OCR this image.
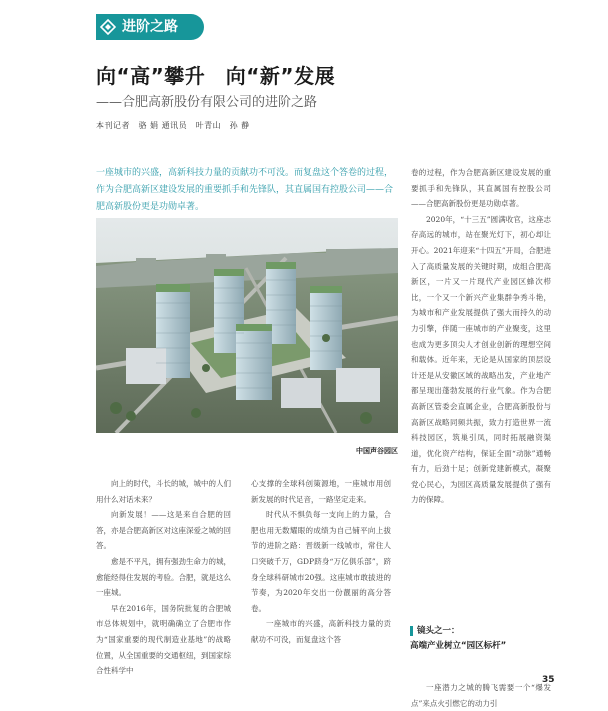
进阶之路
向“高”攀升　向“新”发展
——合肥高新股份有限公司的进阶之路
本刊记者　骆 娟 通讯员　叶青山　孙 静
一座城市的兴盛，高新科技力量的贡献功不可没。而复盘这个答卷的过程，作为合肥高新区建设发展的重要抓手和先锋队，其直属国有控股公司——合肥高新股份更是功勋卓著。
中国声谷园区

向上的时代，斗长的城，城中的人们用什么对话未来？

向新发展！——这是来自合肥的回答，亦是合肥高新区对这座深爱之城的回答。

愈是不平凡，拥有强劲生命力的城，愈能经得住发展的考验。合肥，就是这么一座城。

早在2016年，国务院批复的合肥城市总体规划中，就明确确立了合肥市作为“国家重要的现代制造业基地”的战略位置，从全国重要的交通枢纽，到国家综合性科学中

心支撑的全球科创策源地，一座城市用创新发展的时代足音，一路坚定走来。

时代从不惧负每一支向上的力量，合肥也用无数耀眼的成绩为自己铺平向上拔节的进阶之路：晋级新一线城市，常住人口突破千万，GDP跻身“万亿俱乐部”，跻身全球科研城市20强。这座城市敢拔进的节奏，为2020年交出一份靓丽的高分答卷。

一座城市的兴盛，高新科技力量的贡献功不可没，而复盘这个答

卷的过程，作为合肥高新区建设发展的重要抓手和先锋队，其直属国有控股公司——合肥高新股份更是功勋卓著。

2020年，“十三五”圆满收官，这座志存高远的城市，站在聚光灯下，初心却让开心。2021年迎来“十四五”开局，合肥进入了高质量发展的关键时期，成组合肥高新区，一片又一片现代产业园区蜂次栉比，一个又一个新兴产业集群争秀斗艳，为城市和产业发展提供了强大而持久的动力引擎，伴随一座城市的产业聚变，这里也成为更多顶尖人才创业创新的理想空间和载体。近年来，无论是从国家的顶层设计还是从安徽区域的战略出发，产业地产都呈现出蓬勃发展的行业气象。作为合肥高新区管委会直属企业，合肥高新股份与高新区战略同频共振，致力打造世界一流科技园区，筑巢引凤，同时拓展融资渠道，优化资产结构，保证全面“动脉”通畅有力，后劲十足；创新党建新模式，凝聚党心民心，为园区高质量发展提供了强有力的保障。

镜头之一：
高端产业树立“园区标杆”

一座潜力之城的腾飞需要一个“爆发点”来点火引燃它的动力引

35
